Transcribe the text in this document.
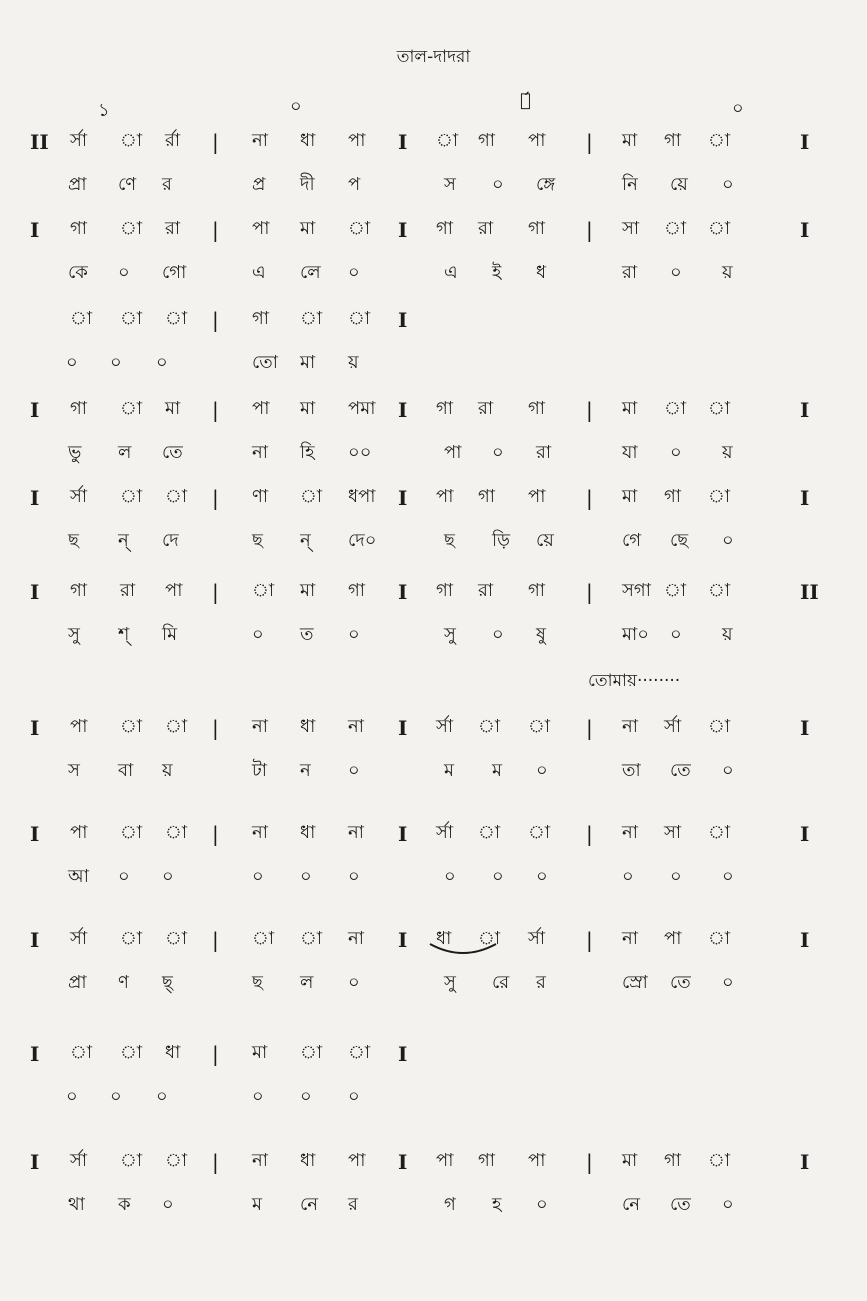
তাল-দাদরা
১	০	২́	০
II র্সা া র্রা | না ধা পা I া গা পা | মা গা া	I
প্রা ণে র	প্র দী প	স ০ ঙ্গে	নি য়ে ০
I গা া রা | পা মা া I গা রা গা | সা া া	I
কে ০ গো	এ লে ০	এ ই ধ	রা ০ য়
া া া | গা া া I
০ ০ ০	তো মা য়
I গা া মা | পা মা পমা I গা রা গা | মা া া	I
ভু ল তে	না হি ০০	পা ০ রা	যা ০ য়
I র্সা া া | ণা া ধপা I পা গা পা | মা গা া	I
ছ ন্ দে	ছ ন্ দে০	ছ ড়ি য়ে	গে ছে ০
I গা রা পা | া মা গা I গা রা গা | সগা া া	II
সু শ্ মি	০ ত ০	সু ০ ষু	মা০ ০ য়
I পা া া | না ধা না I র্সা া া | না র্সা া	I
স বা য়	টা ন ০	ম ম ০	তা তে ০
I পা া া | না ধা না I র্সা া া | না সা া	I
আ ০ ০	০ ০ ০	০ ০ ০	০ ০ ০
I র্সা া া | া া না I ধা া র্সা | না পা া	I
প্রা ণ ছ্	ছ ল ০	সু রে র	স্রো তে ০
I া া ধা | মা া া I
০ ০ ০	০ ০ ০
I র্সা া া | না ধা পা I পা গা পা | মা গা া	I
থা ক ০	ম নে র	গ হ ০	নে তে ০
তোমায়········
